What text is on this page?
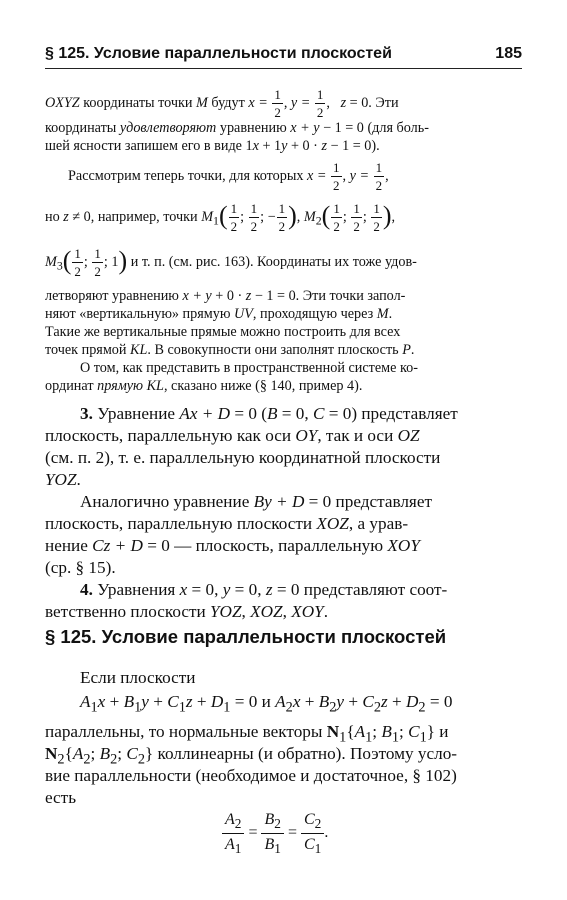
§ 125. Условие параллельности плоскостей	185
OXYZ координаты точки M будут $x = \frac{1}{2}$ , $y = \frac{1}{2}$ ,   z = 0. Эти
координаты удовлетворяют уравнению x + y − 1 = 0 (для боль-
шей ясности запишем его в виде 1x + 1y + 0 · z − 1 = 0).
Рассмотрим теперь точки, для которых $x = \frac{1}{2}$ , $y = \frac{1}{2}$ ,
но z ≠ 0, например, точки $M_1( \frac{1}{2}$ ; $\frac{1}{2}$ ; − $\frac{1}{2}$ ), $M_2( \frac{1}{2}$ ; $\frac{1}{2}$ ; $\frac{1}{2}$ ),
$M_3( \frac{1}{2}$ ; $\frac{1}{2}$ ; 1) и т. п. (см. рис. 163). Координаты их тоже удов-
летворяют уравнению x + y + 0 · z − 1 = 0. Эти точки запол-
няют «вертикальную» прямую UV, проходящую через M.
Такие же вертикальные прямые можно построить для всех
точек прямой KL. В совокупности они заполнят плоскость P.
О том, как представить в пространственной системе ко-
ординат прямую KL, сказано ниже (§ 140, пример 4).
3. Уравнение Ax + D = 0 (B = 0, C = 0) представляет
плоскость, параллельную как оси OY, так и оси OZ
(см. п. 2), т. е. параллельную координатной плоскости
YOZ.
Аналогично уравнение By + D = 0 представляет
плоскость, параллельную плоскости XOZ, а урав-
нение Cz + D = 0 — плоскость, параллельную XOY
(ср. § 15).
4. Уравнения x = 0, y = 0, z = 0 представляют соот-
ветственно плоскости YOZ, XOZ, XOY.
§ 125. Условие параллельности плоскостей
Если плоскости
$A_1x + B_1y + C_1z + D_1 = 0$ и $A_2x + B_2y + C_2z + D_2 = 0$
параллельны, то нормальные векторы $N_1\{A_1$; $B_1$; $C_1$} и
$N_2\{A_2$; $B_2$; $C_2$} коллинеарны (и обратно). Поэтому усло-
вие параллельности (необходимое и достаточное, § 102)
есть
$\frac{A_2}{A_1} = \frac{B_2}{B_1} = \frac{C_2}{C_1}$ .
